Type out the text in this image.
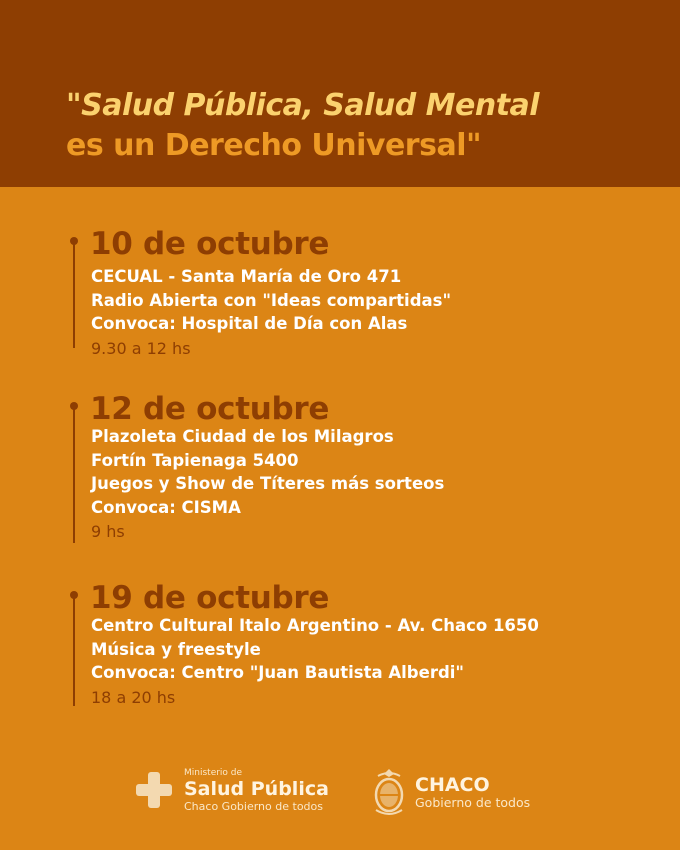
"Salud Pública, Salud Mental
es un Derecho Universal"
10 de octubre
CECUAL - Santa María de Oro 471
Radio Abierta con "Ideas compartidas"
Convoca: Hospital de Día con Alas
9.30 a 12 hs
12 de octubre
Plazoleta Ciudad de los Milagros
Fortín Tapienaga 5400
Juegos y Show de Títeres más sorteos
Convoca: CISMA
9 hs
19 de octubre
Centro Cultural Italo Argentino - Av. Chaco 1650
Música y freestyle
Convoca: Centro "Juan Bautista Alberdi"
18 a 20 hs
Ministerio de
Salud Pública
Chaco Gobierno de todos
CHACO
Gobierno de todos
